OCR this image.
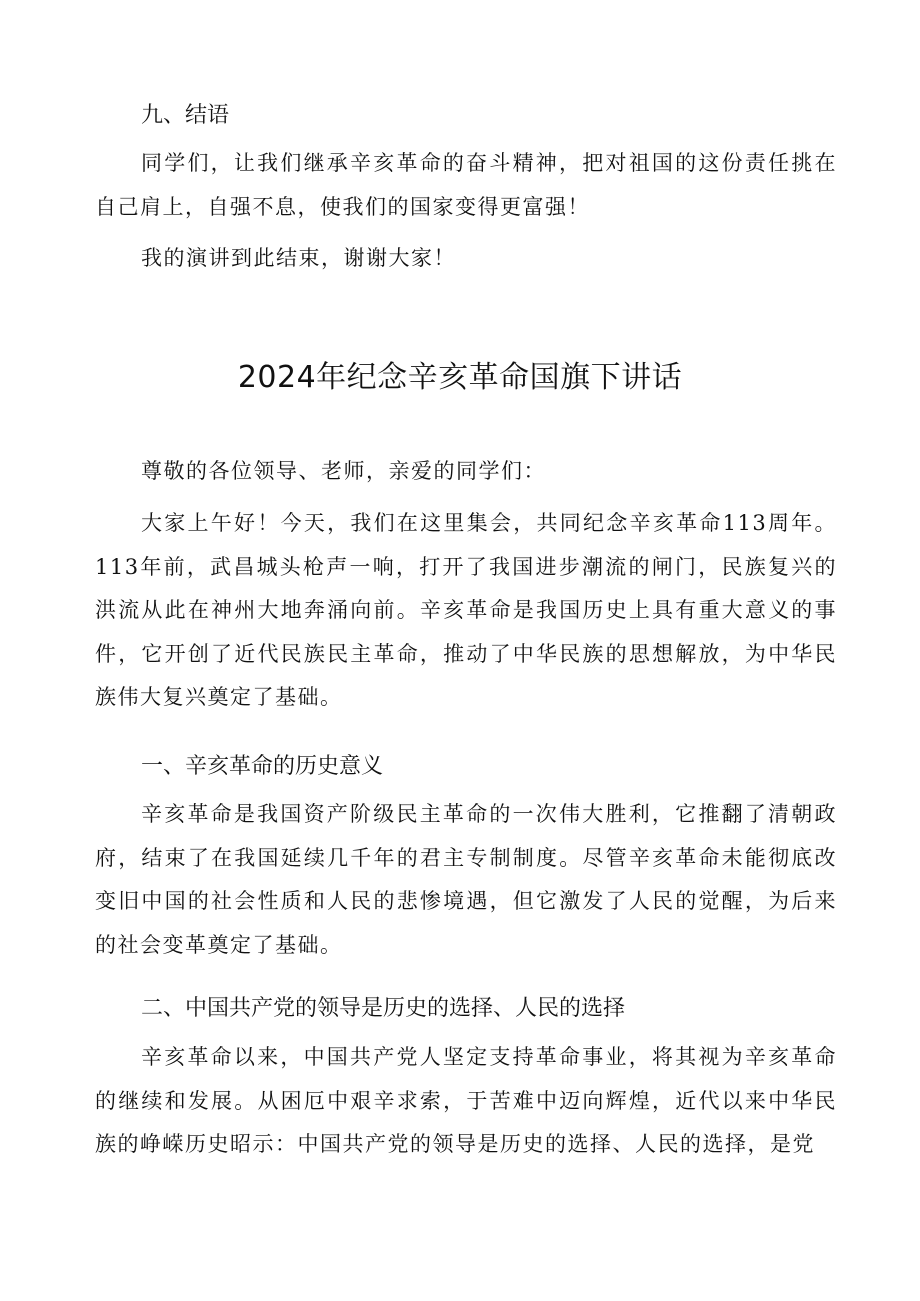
九、结语

同学们，让我们继承辛亥革命的奋斗精神，把对祖国的这份责任挑在自己肩上，自强不息，使我们的国家变得更富强！

我的演讲到此结束，谢谢大家！

2024年纪念辛亥革命国旗下讲话

尊敬的各位领导、老师，亲爱的同学们：

大家上午好！今天，我们在这里集会，共同纪念辛亥革命113周年。113年前，武昌城头枪声一响，打开了我国进步潮流的闸门，民族复兴的洪流从此在神州大地奔涌向前。辛亥革命是我国历史上具有重大意义的事件，它开创了近代民族民主革命，推动了中华民族的思想解放，为中华民族伟大复兴奠定了基础。

一、辛亥革命的历史意义

辛亥革命是我国资产阶级民主革命的一次伟大胜利，它推翻了清朝政府，结束了在我国延续几千年的君主专制制度。尽管辛亥革命未能彻底改变旧中国的社会性质和人民的悲惨境遇，但它激发了人民的觉醒，为后来的社会变革奠定了基础。

二、中国共产党的领导是历史的选择、人民的选择

辛亥革命以来，中国共产党人坚定支持革命事业，将其视为辛亥革命的继续和发展。从困厄中艰辛求索，于苦难中迈向辉煌，近代以来中华民族的峥嵘历史昭示：中国共产党的领导是历史的选择、人民的选择，是党
